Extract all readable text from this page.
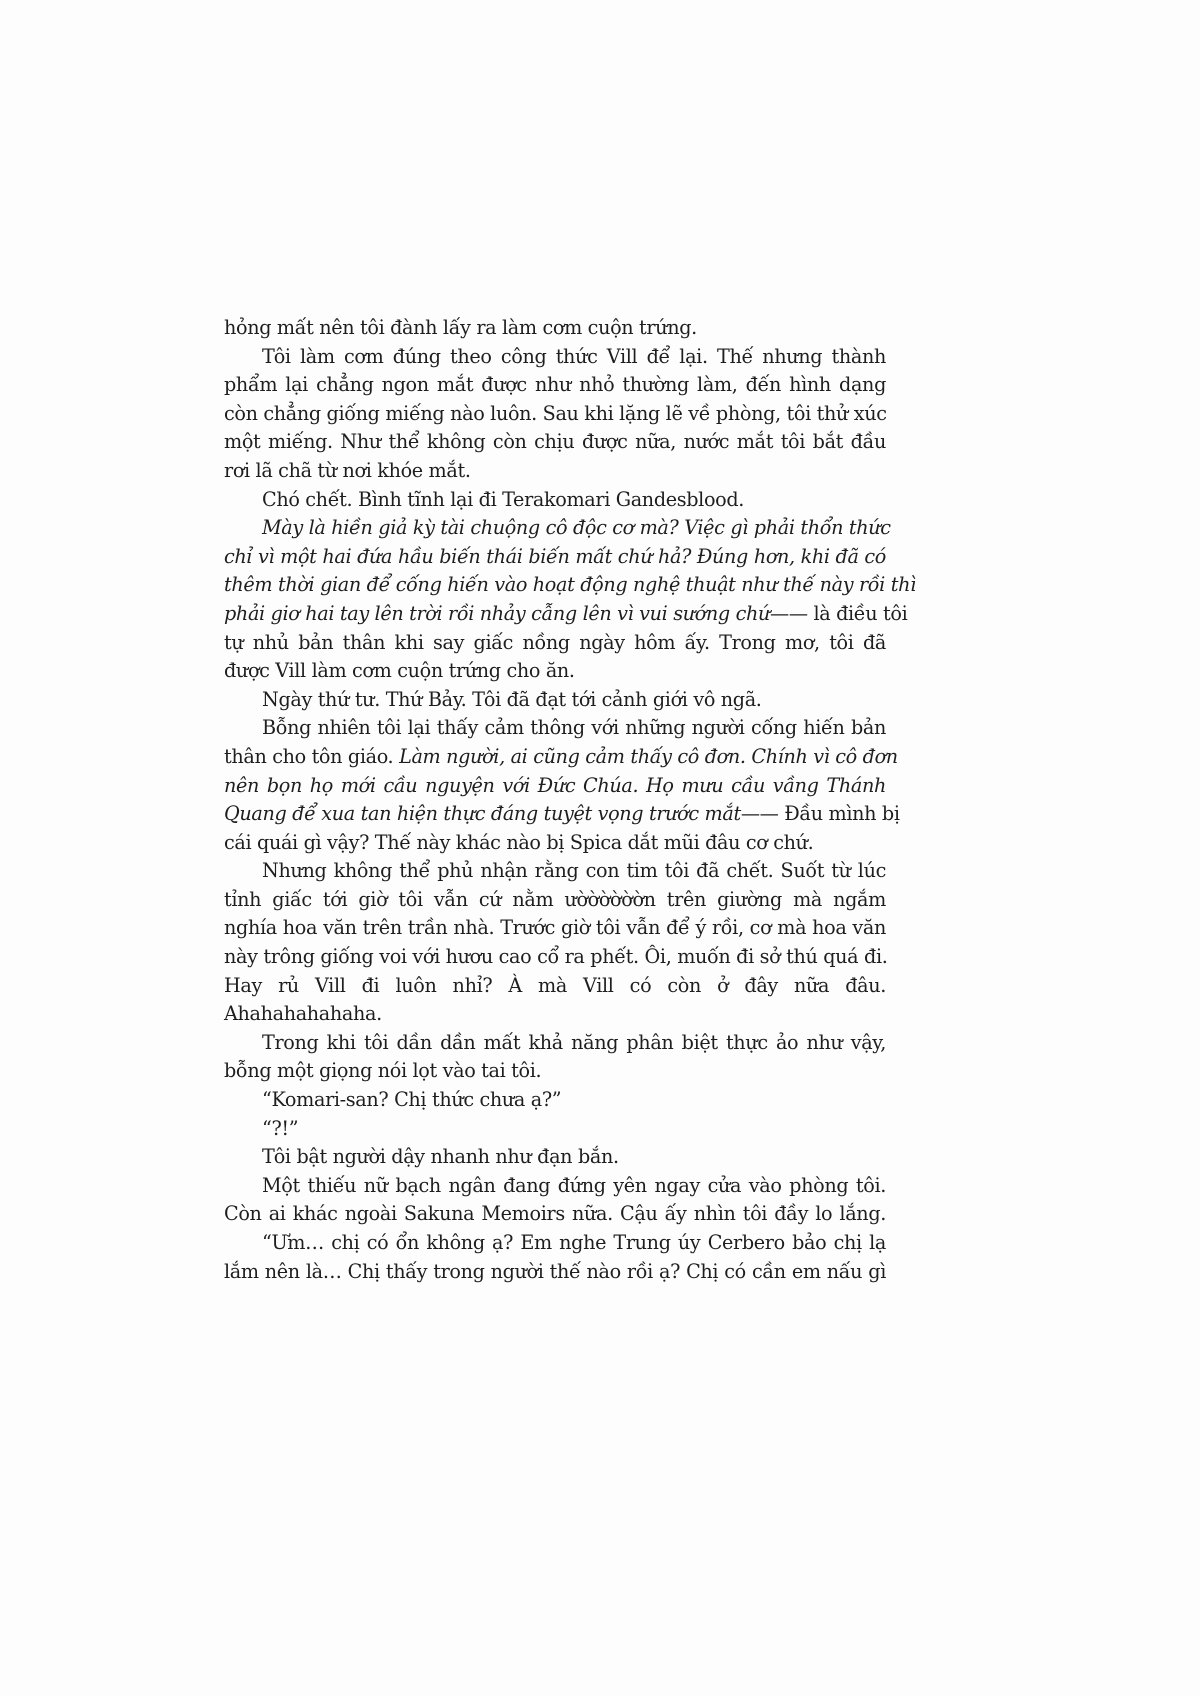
hỏng mất nên tôi đành lấy ra làm cơm cuộn trứng.
Tôi làm cơm đúng theo công thức Vill để lại. Thế nhưng thành
phẩm lại chẳng ngon mắt được như nhỏ thường làm, đến hình dạng
còn chẳng giống miếng nào luôn. Sau khi lặng lẽ về phòng, tôi thử xúc
một miếng. Như thể không còn chịu được nữa, nước mắt tôi bắt đầu
rơi lã chã từ nơi khóe mắt.
Chó chết. Bình tĩnh lại đi Terakomari Gandesblood.
Mày là hiền giả kỳ tài chuộng cô độc cơ mà? Việc gì phải thổn thức
chỉ vì một hai đứa hầu biến thái biến mất chứ hả? Đúng hơn, khi đã có
thêm thời gian để cống hiến vào hoạt động nghệ thuật như thế này rồi thì
phải giơ hai tay lên trời rồi nhảy cẫng lên vì vui sướng chứ—— là điều tôi
tự nhủ bản thân khi say giấc nồng ngày hôm ấy. Trong mơ, tôi đã
được Vill làm cơm cuộn trứng cho ăn.
Ngày thứ tư. Thứ Bảy. Tôi đã đạt tới cảnh giới vô ngã.
Bỗng nhiên tôi lại thấy cảm thông với những người cống hiến bản
thân cho tôn giáo. Làm người, ai cũng cảm thấy cô đơn. Chính vì cô đơn
nên bọn họ mới cầu nguyện với Đức Chúa. Họ mưu cầu vầng Thánh
Quang để xua tan hiện thực đáng tuyệt vọng trước mắt—— Đầu mình bị
cái quái gì vậy? Thế này khác nào bị Spica dắt mũi đâu cơ chứ.
Nhưng không thể phủ nhận rằng con tim tôi đã chết. Suốt từ lúc
tỉnh giấc tới giờ tôi vẫn cứ nằm ườờờờờờn trên giường mà ngắm
nghía hoa văn trên trần nhà. Trước giờ tôi vẫn để ý rồi, cơ mà hoa văn
này trông giống voi với hươu cao cổ ra phết. Ôi, muốn đi sở thú quá đi.
Hay rủ Vill đi luôn nhỉ? À mà Vill có còn ở đây nữa đâu.
Ahahahahahaha.
Trong khi tôi dần dần mất khả năng phân biệt thực ảo như vậy,
bỗng một giọng nói lọt vào tai tôi.
“Komari-san? Chị thức chưa ạ?”
“?!”
Tôi bật người dậy nhanh như đạn bắn.
Một thiếu nữ bạch ngân đang đứng yên ngay cửa vào phòng tôi.
Còn ai khác ngoài Sakuna Memoirs nữa. Cậu ấy nhìn tôi đầy lo lắng.
“Ưm… chị có ổn không ạ? Em nghe Trung úy Cerbero bảo chị lạ
lắm nên là… Chị thấy trong người thế nào rồi ạ? Chị có cần em nấu gì
